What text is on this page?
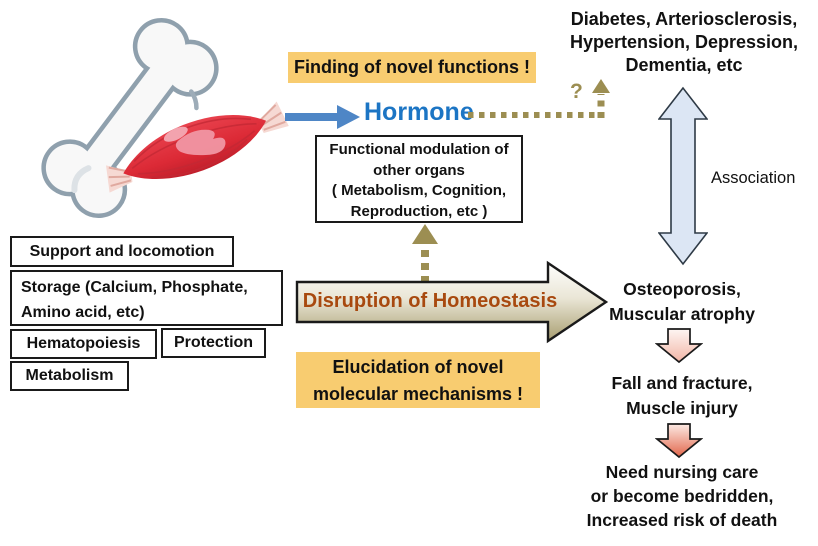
Finding of novel functions !
Hormone
?
Diabetes, Arteriosclerosis,
Hypertension, Depression,
Dementia, etc
Functional modulation of
other organs
( Metabolism, Cognition,
Reproduction, etc )
Association
Support and locomotion
Storage (Calcium, Phosphate,
Amino acid, etc)
Hematopoiesis	Protection
Metabolism
Disruption of Homeostasis
Elucidation of novel
molecular mechanisms !
Osteoporosis,
Muscular atrophy
Fall and fracture,
Muscle injury
Need nursing care
or become bedridden,
Increased risk of death
